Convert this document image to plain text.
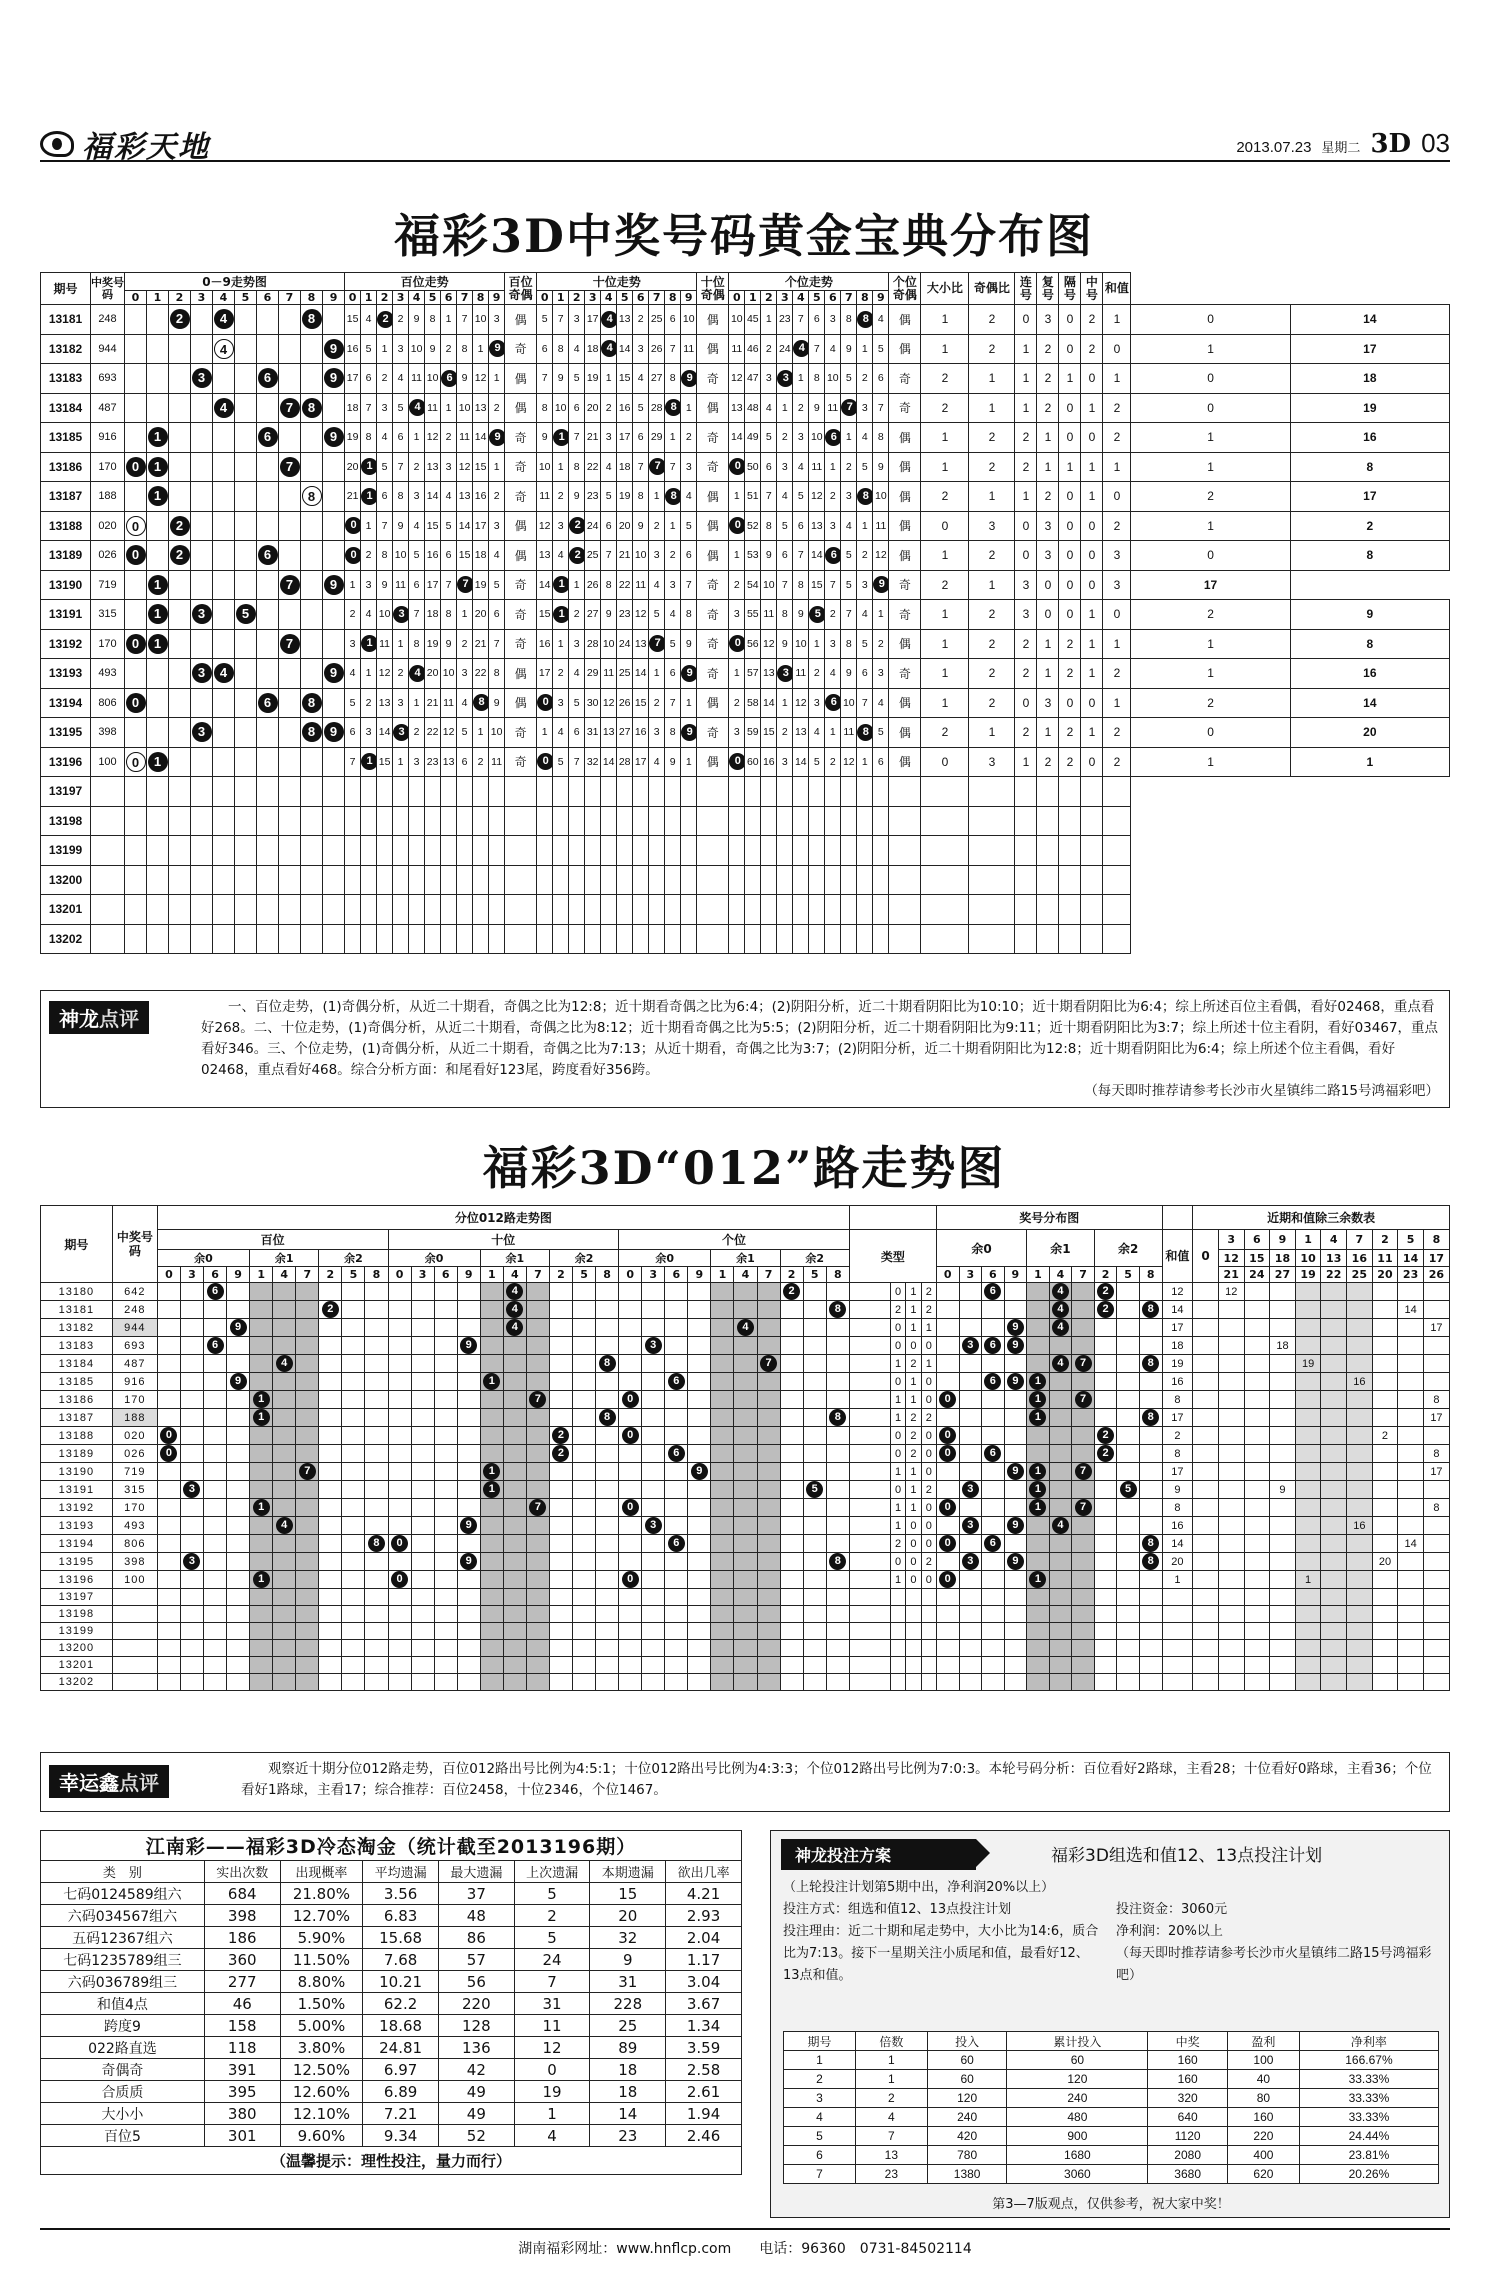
福彩天地	2013.07.23 星期二 3D 03
福彩3D中奖号码黄金宝典分布图
期号	中奖号码	0－9走势图										百位走势										百位奇偶	十位走势										十位奇偶	个位走势										个位奇偶	大小比	奇偶比	连号	复号	隔号	中号	和值		
		0	1	2	3	4	5	6	7	8	9	0	1	2	3	4	5	6	7	8	9		0	1	2	3	4	5	6	7	8	9		0	1	2	3	4	5	6	7	8	9										
13181	248			2		4				8		15	4	2	2	9	8	1	7	10	3	偶	5	7	3	17	4	13	2	25	6	10	偶	10	45	1	23	7	6	3	8	8	4	偶	1	2	0	3	0	2	1	0	14
13182	944					4					9	16	5	1	3	10	9	2	8	1	9	奇	6	8	4	18	4	14	3	26	7	11	偶	11	46	2	24	4	7	4	9	1	5	偶	1	2	1	2	0	2	0	1	17
13183	693				3			6			9	17	6	2	4	11	10	6	9	12	1	偶	7	9	5	19	1	15	4	27	8	9	奇	12	47	3	3	1	8	10	5	2	6	奇	2	1	1	2	1	0	1	0	18
13184	487					4			7	8		18	7	3	5	4	11	1	10	13	2	偶	8	10	6	20	2	16	5	28	8	1	偶	13	48	4	1	2	9	11	7	3	7	奇	2	1	1	2	0	1	2	0	19
13185	916		1					6			9	19	8	4	6	1	12	2	11	14	9	奇	9	1	7	21	3	17	6	29	1	2	奇	14	49	5	2	3	10	6	1	4	8	偶	1	2	2	1	0	0	2	1	16
13186	170	0	1						7			20	1	5	7	2	13	3	12	15	1	奇	10	1	8	22	4	18	7	7	7	3	奇	0	50	6	3	4	11	1	2	5	9	偶	1	2	2	1	1	1	1	1	8
13187	188		1							8		21	1	6	8	3	14	4	13	16	2	奇	11	2	9	23	5	19	8	1	8	4	偶	1	51	7	4	5	12	2	3	8	10	偶	2	1	1	2	0	1	0	2	17
13188	020	0		2								0	1	7	9	4	15	5	14	17	3	偶	12	3	2	24	6	20	9	2	1	5	偶	0	52	8	5	6	13	3	4	1	11	偶	0	3	0	3	0	0	2	1	2
13189	026	0		2				6				0	2	8	10	5	16	6	15	18	4	偶	13	4	2	25	7	21	10	3	2	6	偶	1	53	9	6	7	14	6	5	2	12	偶	1	2	0	3	0	0	3	0	8
13190	719		1						7		9	1	3	9	11	6	17	7	7	19	5	奇	14	1	1	26	8	22	11	4	3	7	奇	2	54	10	7	8	15	7	5	3	9	奇	2	1	3	0	0	0	3	17	
13191	315		1		3		5					2	4	10	3	7	18	8	1	20	6	奇	15	1	2	27	9	23	12	5	4	8	奇	3	55	11	8	9	5	2	7	4	1	奇	1	2	3	0	0	1	0	2	9
13192	170	0	1						7			3	1	11	1	8	19	9	2	21	7	奇	16	1	3	28	10	24	13	7	5	9	奇	0	56	12	9	10	1	3	8	5	2	偶	1	2	2	1	2	1	1	1	8
13193	493				3	4					9	4	1	12	2	4	20	10	3	22	8	偶	17	2	4	29	11	25	14	1	6	9	奇	1	57	13	3	11	2	4	9	6	3	奇	1	2	2	1	2	1	2	1	16
13194	806	0						6		8		5	2	13	3	1	21	11	4	8	9	偶	0	3	5	30	12	26	15	2	7	1	偶	2	58	14	1	12	3	6	10	7	4	偶	1	2	0	3	0	0	1	2	14
13195	398				3					8	9	6	3	14	3	2	22	12	5	1	10	奇	1	4	6	31	13	27	16	3	8	9	奇	3	59	15	2	13	4	1	11	8	5	偶	2	1	2	1	2	1	2	0	20
13196	100	0	1									7	1	15	1	3	23	13	6	2	11	奇	0	5	7	32	14	28	17	4	9	1	偶	0	60	16	3	14	5	2	12	1	6	偶	0	3	1	2	2	0	2	1	1
13197																																																					
13198																																																					
13199																																																					
13200																																																					
13201																																																					
13202																																																					
神龙点评	一、百位走势，(1)奇偶分析，从近二十期看，奇偶之比为12:8；近十期看奇偶之比为6:4；(2)阴阳分析，近二十期看阴阳比为10:10；近十期看阴阳比为6:4；综上所述百位主看偶，看好02468，重点看好268。二、十位走势，(1)奇偶分析，从近二十期看，奇偶之比为8:12；近十期看奇偶之比为5:5；(2)阴阳分析，近二十期看阴阳比为9:11；近十期看阴阳比为3:7；综上所述十位主看阴，看好03467，重点看好346。三、个位走势，(1)奇偶分析，从近二十期看，奇偶之比为7:13；从近十期看，奇偶之比为3:7；(2)阴阳分析，近二十期看阴阳比为12:8；近十期看阴阳比为6:4；综上所述个位主看偶，看好02468，重点看好468。综合分析方面：和尾看好123尾，跨度看好356跨。
（每天即时推荐请参考长沙市火星镇纬二路15号鸿福彩吧）
福彩3D“012”路走势图
期号	中奖号码	分位012路走势图																																		奖号分布图											近期和值除三余数表									
		百位										十位										个位										类型				余0				余1			余2			和值	0	3	6	9	1	4	7	2	5	8
		余0				余1			余2			余0				余1			余2			余0				余1			余2																			12	15	18	10	13	16	11	14	17
		0	3	6	9	1	4	7	2	5	8	0	3	6	9	1	4	7	2	5	8	0	3	6	9	1	4	7	2	5	8					0	3	6	9	1	4	7	2	5	8			21	24	27	19	22	25	20	23	26
13180	642			6													4												2				0	1	2			6			4		2			12		12								
13181	248								2								4														8		2	1	2						4		2		8	14									14	
13182	944				9												4										4						0	1	1				9		4					17										17
13183	693			6											9								3										0	0	0		3	6	9							18				18						
13184	487						4														8							7					1	2	1						4	7			8	19					19					
13185	916				9											1								6									0	1	0			6	9	1						16							16			
13186	170					1												7				0											1	1	0	0				1		7				8										8
13187	188					1															8										8		1	2	2					1					8	17										17
13188	020	0																	2			0											0	2	0	0							2			2								2		
13189	026	0																	2					6									0	2	0	0		6					2			8										8
13190	719							7								1									9								1	1	0				9	1		7				17										17
13191	315		3													1														5			0	1	2		3			1				5		9				9						
13192	170					1												7				0											1	1	0	0				1		7				8										8
13193	493						4								9								3										1	0	0		3		9		4					16							16			
13194	806										8	0												6									2	0	0	0		6							8	14									14	
13195	398		3												9																8		0	0	2		3		9						8	20								20		
13196	100					1						0										0											1	0	0	0				1						1					1					
13197																																																								
13198																																																								
13199																																																								
13200																																																								
13201																																																								
13202																																																								
幸运鑫点评
观察近十期分位012路走势，百位012路出号比例为4:5:1；十位012路出号比例为4:3:3；个位012路出号比例为7:0:3。本轮号码分析：百位看好2路球，主看28；十位看好0路球，主看36；个位看好1路球，主看17；综合推荐：百位2458，十位2346，个位1467。
江南彩——福彩3D冷态淘金（统计截至2013196期）							
类　别	实出次数	出现概率	平均遗漏	最大遗漏	上次遗漏	本期遗漏	欲出几率
七码0124589组六	684	21.80%	3.56	37	5	15	4.21
六码034567组六	398	12.70%	6.83	48	2	20	2.93
五码12367组六	186	5.90%	15.68	86	5	32	2.04
七码1235789组三	360	11.50%	7.68	57	24	9	1.17
六码036789组三	277	8.80%	10.21	56	7	31	3.04
和值4点	46	1.50%	62.2	220	31	228	3.67
跨度9	158	5.00%	18.68	128	11	25	1.34
022路直选	118	3.80%	24.81	136	12	89	3.59
奇偶奇	391	12.50%	6.97	42	0	18	2.58
合质质	395	12.60%	6.89	49	19	18	2.61
大小小	380	12.10%	7.21	49	1	14	1.94
百位5	301	9.60%	9.34	52	4	23	2.46
（温馨提示：理性投注，量力而行）							
神龙投注方案	福彩3D组选和值12、13点投注计划
（上轮投注计划第5期中出，净利润20%以上）
投注方式：组选和值12、13点投注计划
投注理由：近二十期和尾走势中，大小比为14:6，质合比为7:13。接下一星期关注小质尾和值，最看好12、13点和值。
投注资金：3060元
净利润：20%以上
（每天即时推荐请参考长沙市火星镇纬二路15号鸿福彩吧）
期号	倍数	投入	累计投入	中奖	盈利	净利率
1	1	60	60	160	100	166.67%
2	1	60	120	160	40	33.33%
3	2	120	240	320	80	33.33%
4	4	240	480	640	160	33.33%
5	7	420	900	1120	220	24.44%
6	13	780	1680	2080	400	23.81%
7	23	1380	3060	3680	620	20.26%
第3—7版观点，仅供参考，祝大家中奖！
湖南福彩网址：www.hnflcp.com　　电话：96360　0731-84502114
